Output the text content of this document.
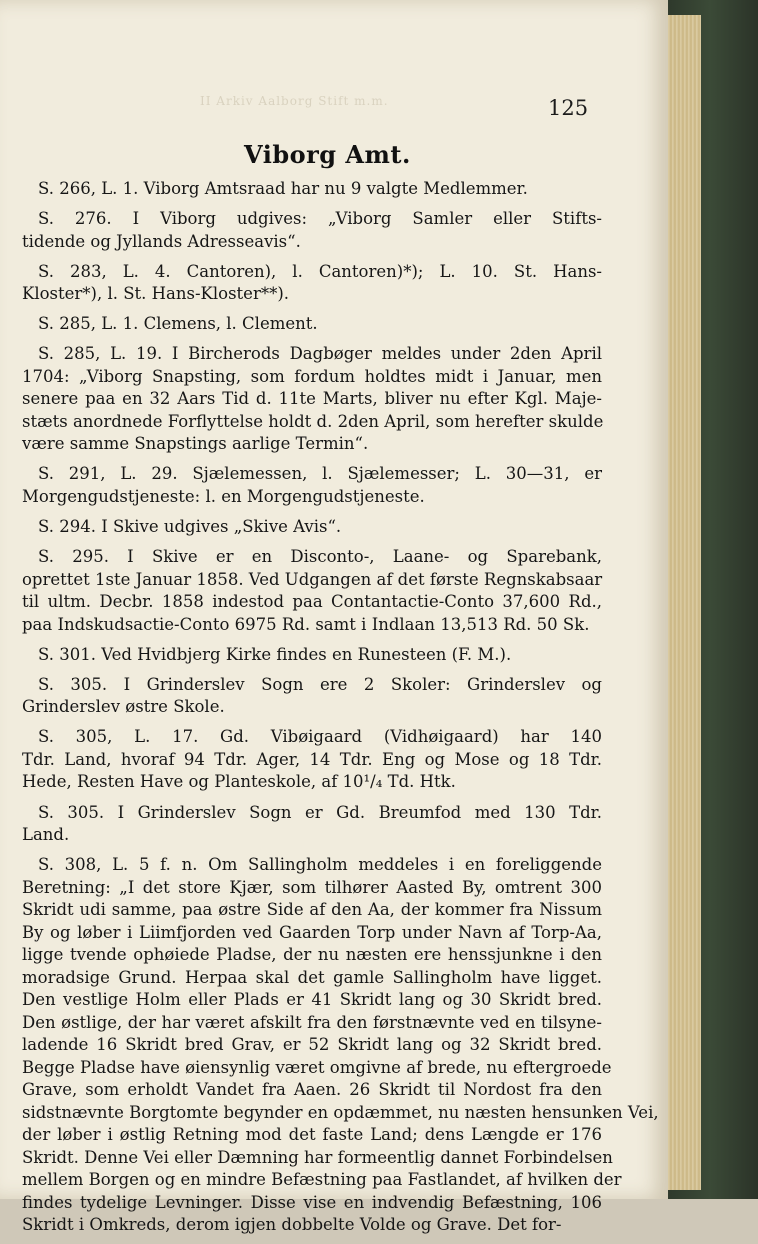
II Arkiv Aalborg Stift m.m.	125
Viborg Amt.
S. 266, L. 1. Viborg Amtsraad har nu 9 valgte Medlemmer.
S. 276. I Viborg udgives: „Viborg Samler eller Stifts-
tidende og Jyllands Adresseavis“.
S. 283, L. 4. Cantoren), l. Cantoren)*); L. 10. St. Hans-
Kloster*), l. St. Hans-Kloster**).
S. 285, L. 1. Clemens, l. Clement.
S. 285, L. 19. I Bircherods Dagbøger meldes under 2den April
1704: „Viborg Snapsting, som fordum holdtes midt i Januar, men
senere paa en 32 Aars Tid d. 11te Marts, bliver nu efter Kgl. Maje-
stæts anordnede Forflyttelse holdt d. 2den April, som herefter skulde
være samme Snapstings aarlige Termin“.
S. 291, L. 29. Sjælemessen, l. Sjælemesser; L. 30—31, er
Morgengudstjeneste: l. en Morgengudstjeneste.
S. 294. I Skive udgives „Skive Avis“.
S. 295. I Skive er en Disconto-, Laane- og Sparebank,
oprettet 1ste Januar 1858. Ved Udgangen af det første Regnskabsaar
til ultm. Decbr. 1858 indestod paa Contantactie-Conto 37,600 Rd.,
paa Indskudsactie-Conto 6975 Rd. samt i Indlaan 13,513 Rd. 50 Sk.
S. 301. Ved Hvidbjerg Kirke findes en Runesteen (F. M.).
S. 305. I Grinderslev Sogn ere 2 Skoler: Grinderslev og
Grinderslev østre Skole.
S. 305, L. 17. Gd. Vibøigaard (Vidhøigaard) har 140
Tdr. Land, hvoraf 94 Tdr. Ager, 14 Tdr. Eng og Mose og 18 Tdr.
Hede, Resten Have og Planteskole, af 10¹/₄ Td. Htk.
S. 305. I Grinderslev Sogn er Gd. Breumfod med 130 Tdr.
Land.
S. 308, L. 5 f. n. Om Sallingholm meddeles i en foreliggende
Beretning: „I det store Kjær, som tilhører Aasted By, omtrent 300
Skridt udi samme, paa østre Side af den Aa, der kommer fra Nissum
By og løber i Liimfjorden ved Gaarden Torp under Navn af Torp-Aa,
ligge tvende ophøiede Pladse, der nu næsten ere henssjunkne i den
moradsige Grund. Herpaa skal det gamle Sallingholm have ligget.
Den vestlige Holm eller Plads er 41 Skridt lang og 30 Skridt bred.
Den østlige, der har været afskilt fra den førstnævnte ved en tilsyne-
ladende 16 Skridt bred Grav, er 52 Skridt lang og 32 Skridt bred.
Begge Pladse have øiensynlig været omgivne af brede, nu eftergroede
Grave, som erholdt Vandet fra Aaen. 26 Skridt til Nordost fra den
sidstnævnte Borgtomte begynder en opdæmmet, nu næsten hensunken Vei,
der løber i østlig Retning mod det faste Land; dens Længde er 176
Skridt. Denne Vei eller Dæmning har formeentlig dannet Forbindelsen
mellem Borgen og en mindre Befæstning paa Fastlandet, af hvilken der
findes tydelige Levninger. Disse vise en indvendig Befæstning, 106
Skridt i Omkreds, derom igjen dobbelte Volde og Grave. Det for-
